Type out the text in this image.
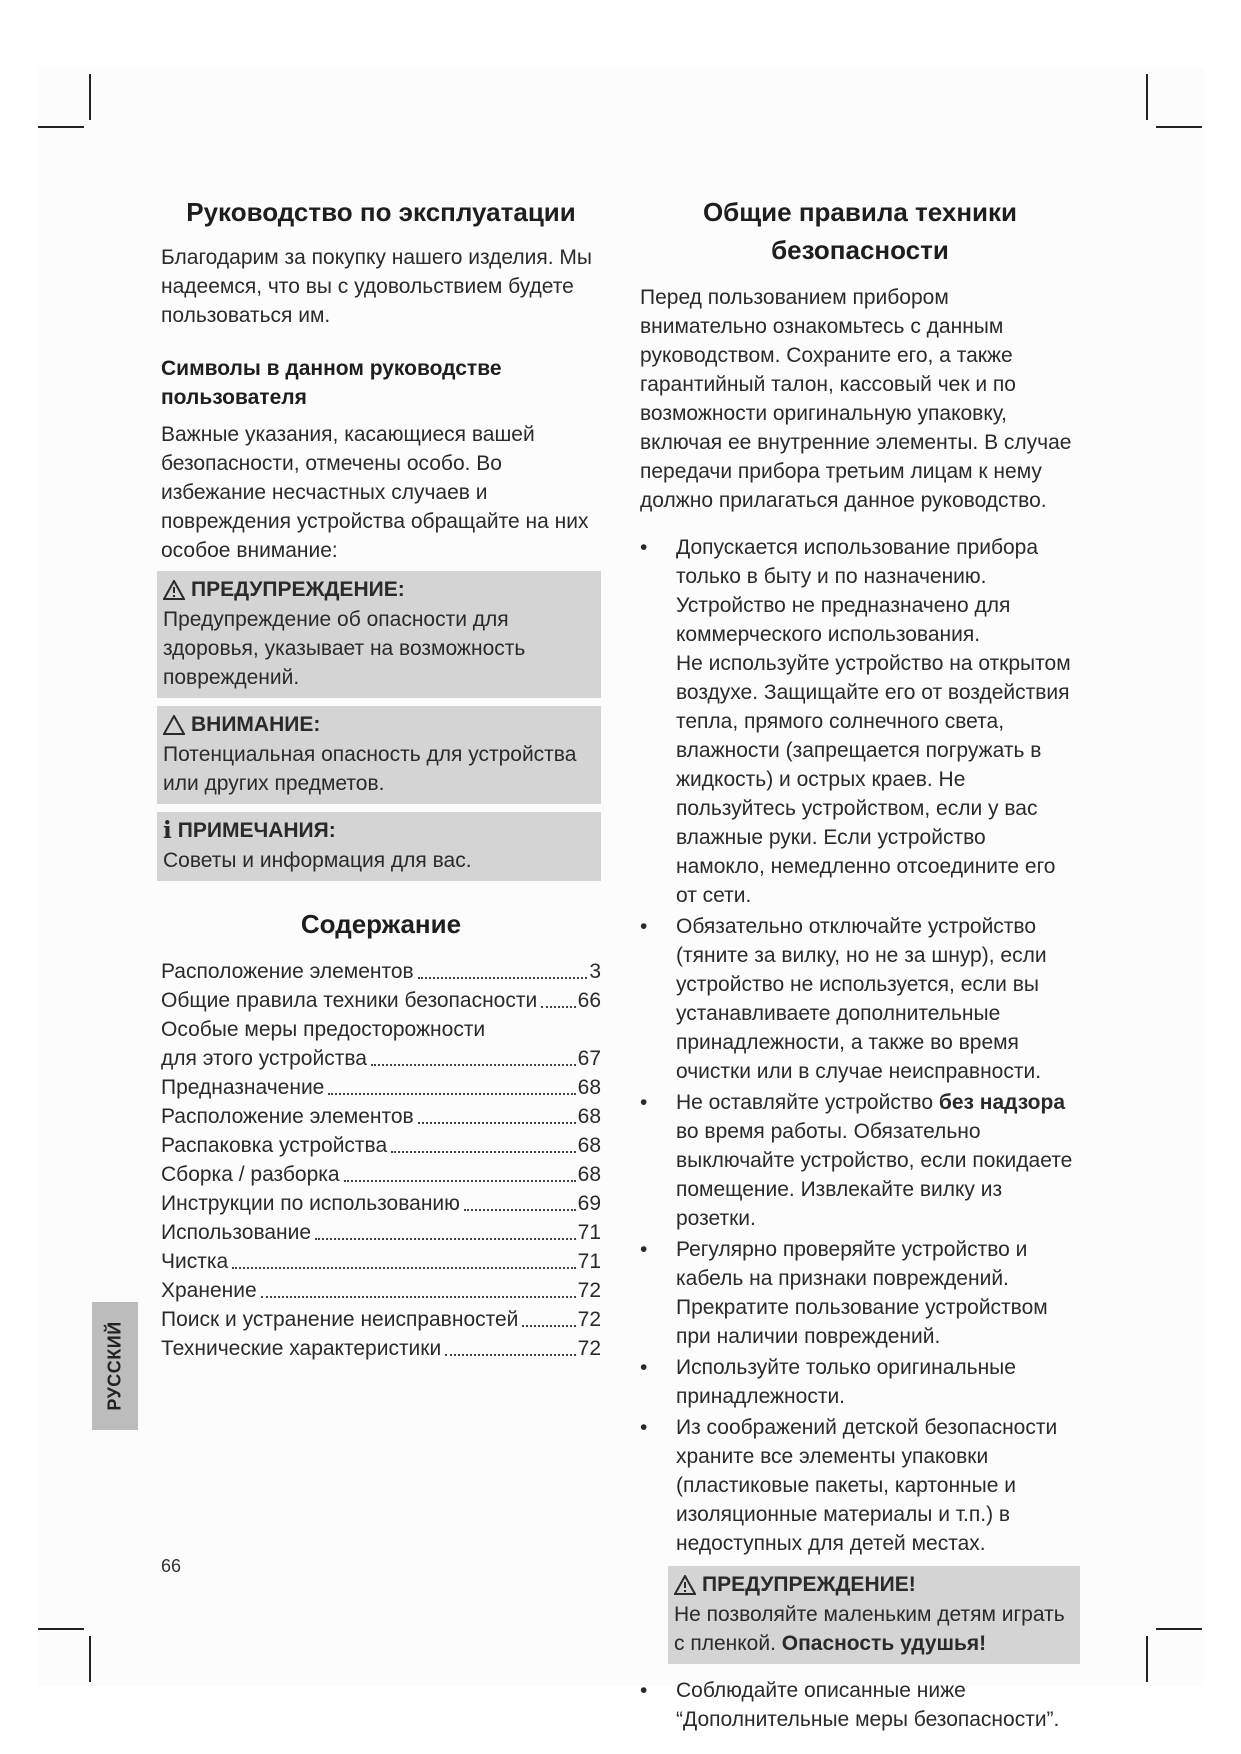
Руководство по эксплуатации

Благодарим за покупку нашего изделия. Мы надеемся, что вы с удовольствием будете пользоваться им.

Символы в данном руководстве пользователя

Важные указания, касающиеся вашей безопасности, отмечены особо. Во избежание несчастных случаев и повреждения устройства обращайте на них особое внимание:

ПРЕДУПРЕЖДЕНИЕ:
Предупреждение об опасности для здоровья, указывает на возможность повреждений.
ВНИМАНИЕ:
Потенциальная опасность для устройства или других предметов.
i ПРИМЕЧАНИЯ:
Советы и информация для вас.
Содержание
Расположение элементов	3
Общие правила техники безопасности 66
Особые меры предосторожности
для этого устройства	67
Предназначение	68
Расположение элементов	68
Распаковка устройства	68
Сборка / разборка	68
Инструкции по использованию	69
Использование	71
Чистка	71
Хранение	72
Поиск и устранение неисправностей	72
Технические характеристики	72
Общие правила техники
безопасности

Перед пользованием прибором внимательно ознакомьтесь с данным руководством. Сохраните его, а также гарантийный талон, кассовый чек и по возможности оригинальную упаковку, включая ее внутренние элементы. В случае передачи прибора третьим лицам к нему должно прилагаться данное руководство.

• Допускается использование прибора только в быту и по назначению. Устройство не предназначено для коммерческого использования.
Не используйте устройство на открытом воздухе. Защищайте его от воздействия тепла, прямого солнечного света, влажности (запрещается погружать в жидкость) и острых краев. Не пользуйтесь устройством, если у вас влажные руки. Если устройство намокло, немедленно отсоедините его от сети.
• Обязательно отключайте устройство (тяните за вилку, но не за шнур), если устройство не используется, если вы устанавливаете дополнительные принадлежности, а также во время очистки или в случае неисправности.
• Не оставляйте устройство без надзора во время работы. Обязательно выключайте устройство, если покидаете помещение. Извлекайте вилку из розетки.
• Регулярно проверяйте устройство и кабель на признаки повреждений. Прекратите пользование устройством при наличии повреждений.
• Используйте только оригинальные принадлежности.
• Из соображений детской безопасности храните все элементы упаковки (пластиковые пакеты, картонные и изоляционные материалы и т.п.) в недоступных для детей местах.
ПРЕДУПРЕЖДЕНИЕ!
Не позволяйте маленьким детям играть с пленкой. Опасность удушья!
• Соблюдайте описанные ниже “Дополнительные меры безопасности”.
РУССКИЙ
66
